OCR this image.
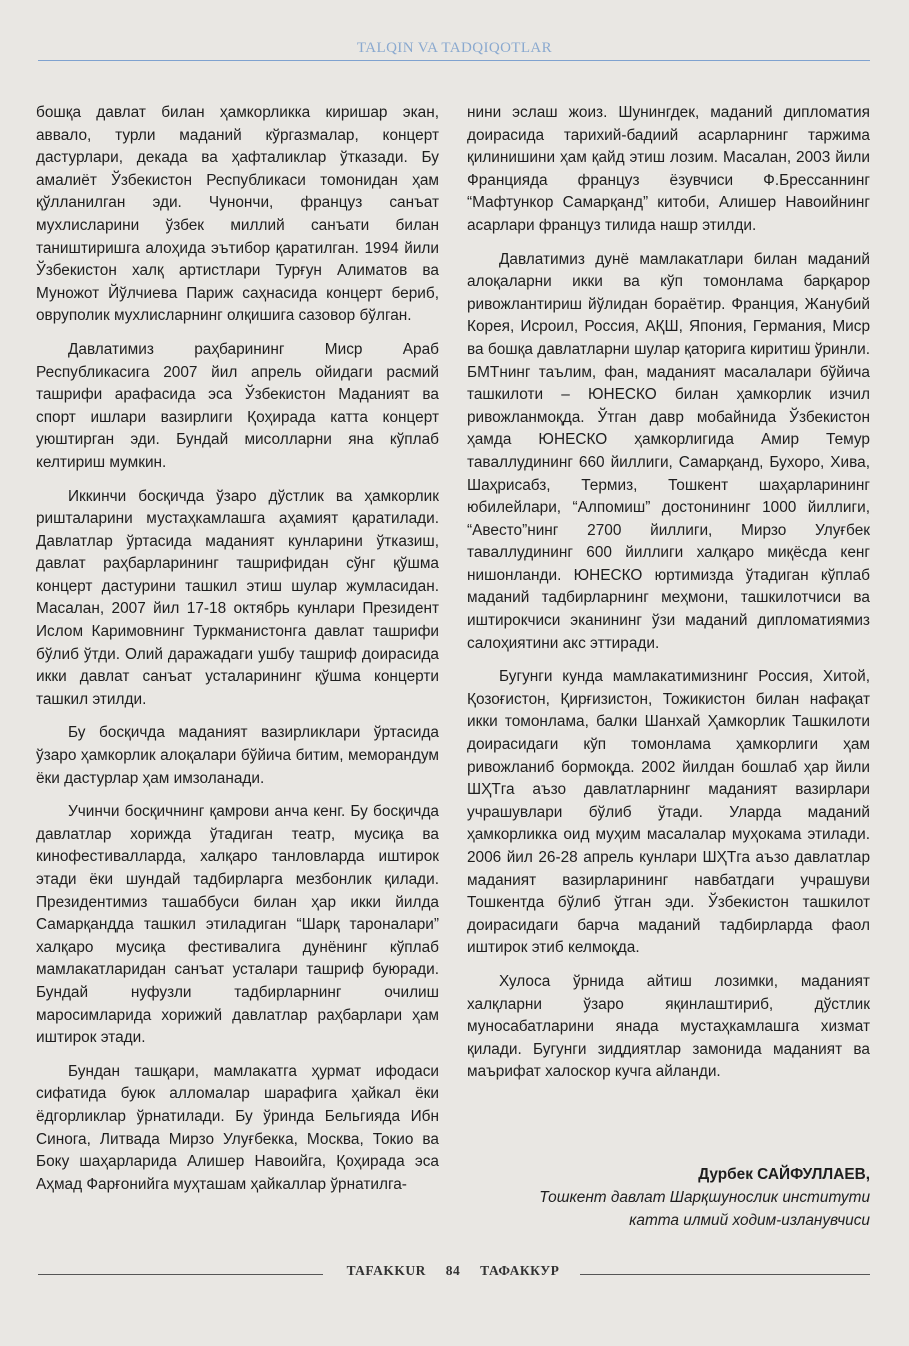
TALQIN VA TADQIQOTLAR

бошқа давлат билан ҳамкорликка киришар экан, аввало, турли маданий кўргазмалар, концерт дастурлари, декада ва ҳафталиклар ўтказади. Бу амалиёт Ўзбекистон Республикаси томонидан ҳам қўлланилган эди. Чунончи, француз санъат мухлисларини ўзбек миллий санъати билан таништиришга алоҳида эътибор қаратилган. 1994 йили Ўзбекистон халқ артистлари Турғун Алиматов ва Муножот Йўлчиева Париж саҳнасида концерт бериб, овруполик мухлисларнинг олқишига сазовор бўлган.

Давлатимиз раҳбарининг Миср Араб Республикасига 2007 йил апрель ойидаги расмий ташрифи арафасида эса Ўзбекистон Маданият ва спорт ишлари вазирлиги Қоҳирада катта концерт уюштирган эди. Бундай мисолларни яна кўплаб келтириш мумкин.

Иккинчи босқичда ўзаро дўстлик ва ҳамкорлик ришталарини мустаҳкамлашга аҳамият қаратилади. Давлатлар ўртасида маданият кунларини ўтказиш, давлат раҳбарларининг ташрифидан сўнг қўшма концерт дастурини ташкил этиш шулар жумласидан. Масалан, 2007 йил 17-18 октябрь кунлари Президент Ислом Каримовнинг Туркманистонга давлат ташрифи бўлиб ўтди. Олий даражадаги ушбу ташриф доирасида икки давлат санъат усталарининг қўшма концерти ташкил этилди.

Бу босқичда маданият вазирликлари ўртасида ўзаро ҳамкорлик алоқалари бўйича битим, меморандум ёки дастурлар ҳам имзоланади.

Учинчи босқичнинг қамрови анча кенг. Бу босқичда давлатлар хорижда ўтадиган театр, мусиқа ва кинофестивалларда, халқаро танловларда иштирок этади ёки шундай тадбирларга мезбонлик қилади. Президентимиз ташаббуси билан ҳар икки йилда Самарқандда ташкил этиладиган “Шарқ тароналари” халқаро мусиқа фестивалига дунёнинг кўплаб мамлакатларидан санъат усталари ташриф буюради. Бундай нуфузли тадбирларнинг очилиш маросимларида хорижий давлатлар раҳбарлари ҳам иштирок этади.

Бундан ташқари, мамлакатга ҳурмат ифодаси сифатида буюк алломалар шарафига ҳайкал ёки ёдгорликлар ўрнатилади. Бу ўринда Бельгияда Ибн Синога, Литвада Мирзо Улуғбекка, Москва, Токио ва Боку шаҳарларида Алишер Навоийга, Қоҳирада эса Аҳмад Фарғонийга муҳташам ҳайкаллар ўрнатилга-

нини эслаш жоиз. Шунингдек, маданий дипломатия доирасида тарихий-бадиий асарларнинг таржима қилинишини ҳам қайд этиш лозим. Масалан, 2003 йили Францияда француз ёзувчиси Ф.Брессаннинг “Мафтункор Самарқанд” китоби, Алишер Навоийнинг асарлари француз тилида нашр этилди.

Давлатимиз дунё мамлакатлари билан маданий алоқаларни икки ва кўп томонлама барқарор ривожлантириш йўлидан бораётир. Франция, Жанубий Корея, Исроил, Россия, АҚШ, Япония, Германия, Миср ва бошқа давлатларни шулар қаторига киритиш ўринли. БМТнинг таълим, фан, маданият масалалари бўйича ташкилоти – ЮНЕСКО билан ҳамкорлик изчил ривожланмоқда. Ўтган давр мобайнида Ўзбекистон ҳамда ЮНЕСКО ҳамкорлигида Амир Темур таваллудининг 660 йиллиги, Самарқанд, Бухоро, Хива, Шаҳрисабз, Термиз, Тошкент шаҳарларининг юбилейлари, “Алпомиш” достонининг 1000 йиллиги, “Авесто”нинг 2700 йиллиги, Мирзо Улуғбек таваллудининг 600 йиллиги халқаро миқёсда кенг нишонланди. ЮНЕСКО юртимизда ўтадиган кўплаб маданий тадбирларнинг меҳмони, ташкилотчиси ва иштирокчиси эканининг ўзи маданий дипломатиямиз салоҳиятини акс эттиради.

Бугунги кунда мамлакатимизнинг Россия, Хитой, Қозоғистон, Қирғизистон, Тожикистон билан нафақат икки томонлама, балки Шанхай Ҳамкорлик Ташкилоти доирасидаги кўп томонлама ҳамкорлиги ҳам ривожланиб бормоқда. 2002 йилдан бошлаб ҳар йили ШҲТга аъзо давлатларнинг маданият вазирлари учрашувлари бўлиб ўтади. Уларда маданий ҳамкорликка оид муҳим масалалар муҳокама этилади. 2006 йил 26-28 апрель кунлари ШҲТга аъзо давлатлар маданият вазирларининг навбатдаги учрашуви Тошкентда бўлиб ўтган эди. Ўзбекистон ташкилот доирасидаги барча маданий тадбирларда фаол иштирок этиб келмоқда.

Хулоса ўрнида айтиш лозимки, маданият халқларни ўзаро яқинлаштириб, дўстлик муносабатларини янада мустаҳкамлашга хизмат қилади. Бугунги зиддиятлар замонида маданият ва маърифат халоскор кучга айланди.

Дурбек САЙФУЛЛАЕВ,
Тошкент давлат Шарқшунослик институти
катта илмий ходим-изланувчиси
TAFAKKUR 84 ТАФАККУР
